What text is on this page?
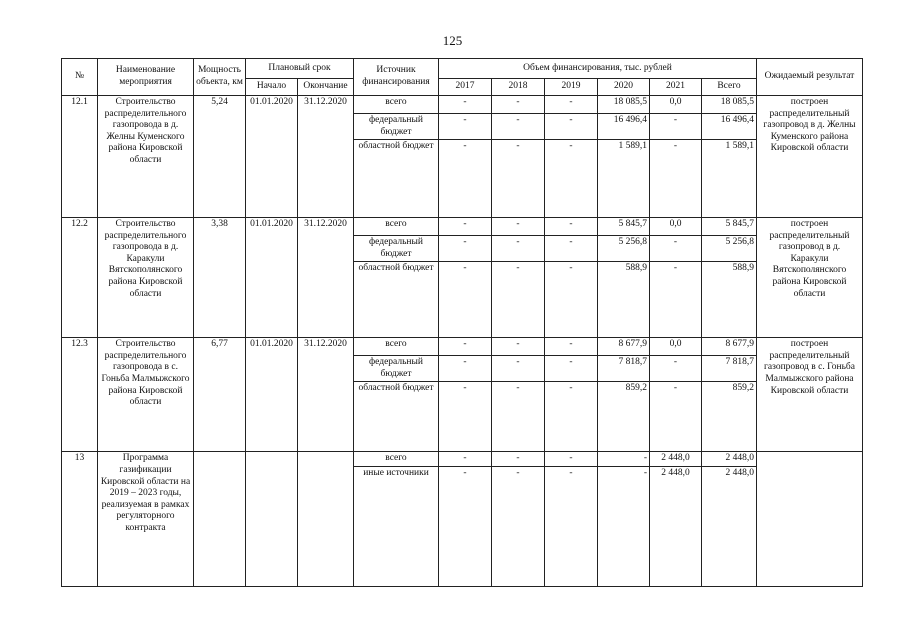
125
№	Наименование мероприятия	Мощность объекта, км	Плановый срок		Источник финансирования	Объем финансирования, тыс. рублей						Ожидаемый результат
			Начало	Окончание		2017	2018	2019	2020	2021	Всего	
12.1	Строительство распределительного газопровода в д. Желны Куменского района Кировской области	5,24	01.01.2020	31.12.2020	всего	-	-	-	18 085,5	0,0	18 085,5	построен распределительный газопровод в д. Желны Куменского района Кировской области
					федеральный бюджет	-	-	-	16 496,4	-	16 496,4	
					областной бюджет	-	-	-	1 589,1	-	1 589,1	
12.2	Строительство распределительного газопровода в д. Каракули Вятскополянского района Кировской области	3,38	01.01.2020	31.12.2020	всего	-	-	-	5 845,7	0,0	5 845,7	построен распределительный газопровод в д. Каракули Вятскополянского района Кировской области
					федеральный бюджет	-	-	-	5 256,8	-	5 256,8	
					областной бюджет	-	-	-	588,9	-	588,9	
12.3	Строительство распределительного газопровода в с. Гоньба Малмыжского района Кировской области	6,77	01.01.2020	31.12.2020	всего	-	-	-	8 677,9	0,0	8 677,9	построен распределительный газопровод в с. Гоньба Малмыжского района Кировской области
					федеральный бюджет	-	-	-	7 818,7	-	7 818,7	
					областной бюджет	-	-	-	859,2	-	859,2	
13	Программа газификации Кировской области на 2019 – 2023 годы, реализуемая в рамках регуляторного контракта				всего	-	-	-	-	2 448,0	2 448,0	
					иные источники	-	-	-	-	2 448,0	2 448,0	
